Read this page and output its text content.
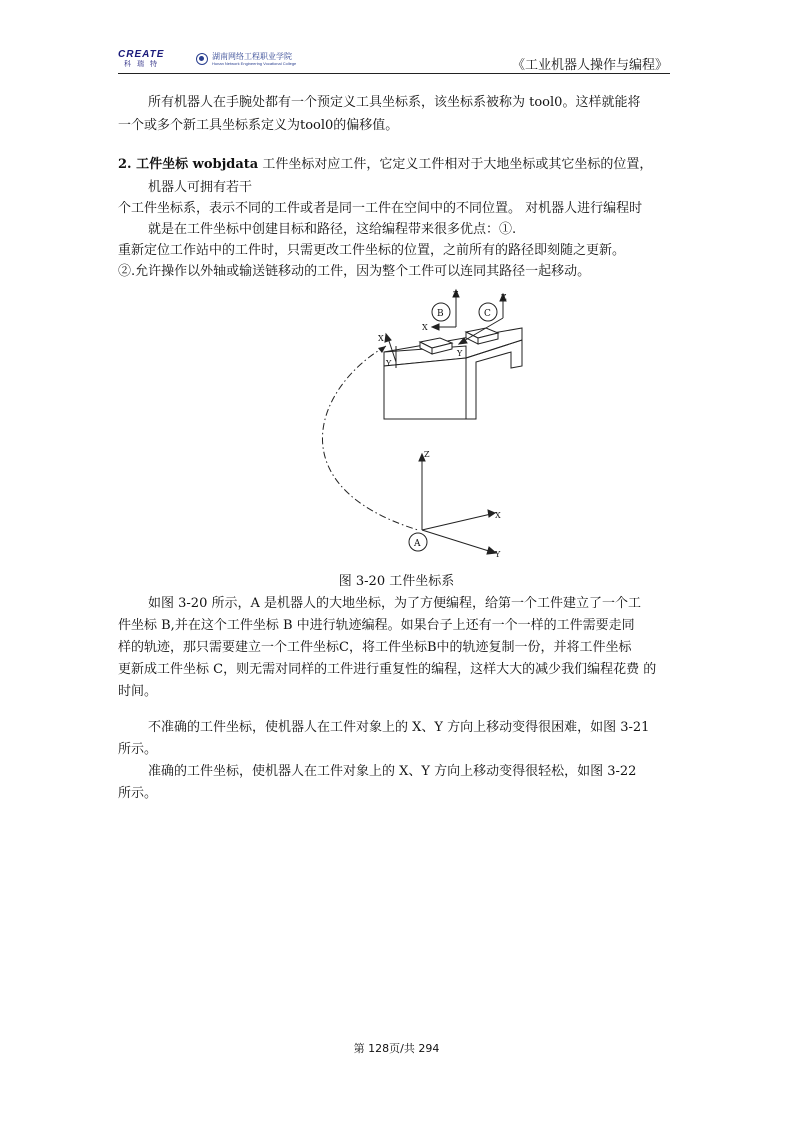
CREATE
科瑞特
湖南网络工程职业学院
Hunan Network Engineering Vocational College	《工业机器人操作与编程》
所有机器人在手腕处都有一个预定义工具坐标系，该坐标系被称为 tool0。这样就能将
一个或多个新工具坐标系定义为tool0的偏移值。
2. 工件坐标 wobjdata 工件坐标对应工件，它定义工件相对于大地坐标或其它坐标的位置，
机器人可拥有若干
个工件坐标系，表示不同的工件或者是同一工件在空间中的不同位置。 对机器人进行编程时
就是在工件坐标中创建目标和路径，这给编程带来很多优点：①.
重新定位工作站中的工件时，只需更改工件坐标的位置，之前所有的路径即刻随之更新。
②.允许操作以外轴或输送链移动的工件，因为整个工件可以连同其路径一起移动。
B	C
A
Z
X
Z
Y
X
Y
Z
X
Y
图 3-20 工件坐标系
如图 3-20 所示，A 是机器人的大地坐标，为了方便编程，给第一个工件建立了一个工
件坐标 B,并在这个工件坐标 B 中进行轨迹编程。如果台子上还有一个一样的工件需要走同
样的轨迹，那只需要建立一个工件坐标C，将工件坐标B中的轨迹复制一份，并将工件坐标
更新成工件坐标 C，则无需对同样的工件进行重复性的编程，这样大大的减少我们编程花费 的
时间。
不准确的工件坐标，使机器人在工件对象上的 X、Y 方向上移动变得很困难，如图 3-21
所示。
准确的工件坐标，使机器人在工件对象上的 X、Y 方向上移动变得很轻松，如图 3-22
所示。
第 128页/共 294
